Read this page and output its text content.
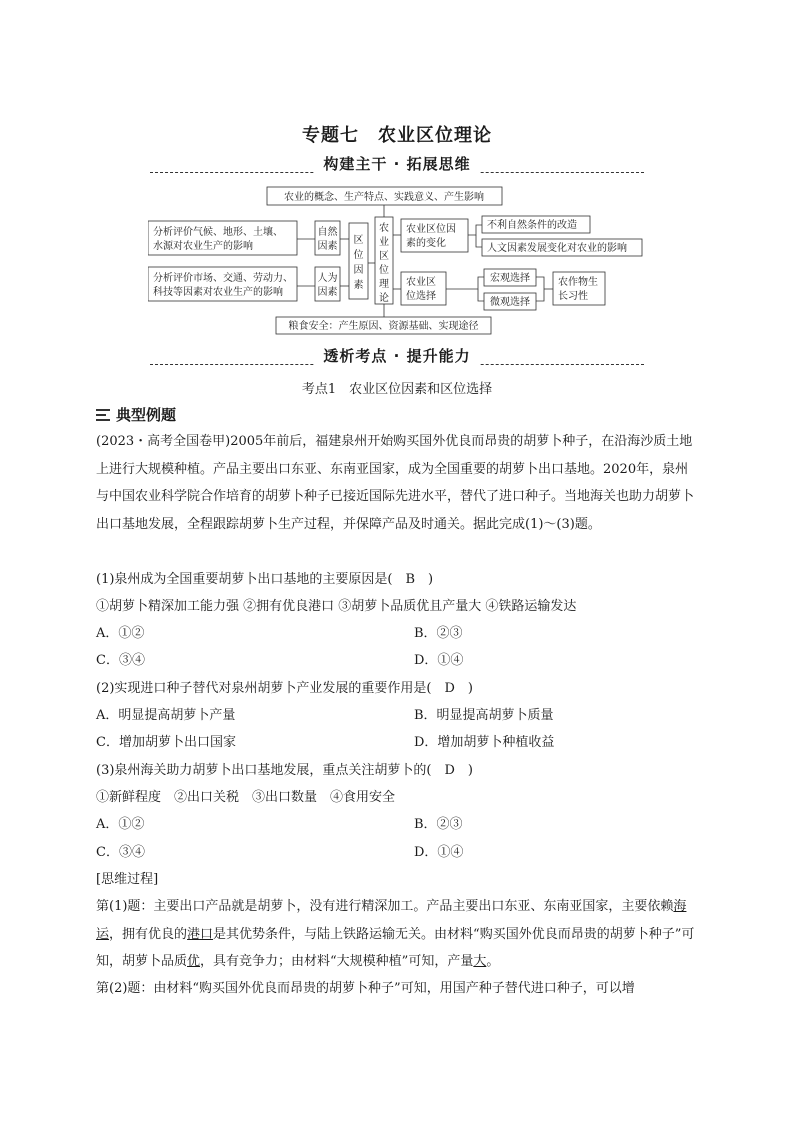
专题七　农业区位理论
构建主干 · 拓展思维
农业的概念、生产特点、实践意义、产生影响
分析评价气候、地形、土壤、
水源对农业生产的影响
分析评价市场、交通、劳动力、
科技等因素对农业生产的影响
自然
因素
人为
因素
区
位
因
素
农
业
区
位
理
论
农业区位因
素的变化
农业区
位选择
不利自然条件的改造
人文因素发展变化对农业的影响
宏观选择
微观选择
农作物生
长习性
粮食安全：产生原因、资源基础、实现途径
透析考点 · 提升能力
考点1　农业区位因素和区位选择
典型例题
(2023・高考全国卷甲)2005年前后，福建泉州开始购买国外优良而昂贵的胡萝卜种子，在沿海沙质土地上进行大规模种植。产品主要出口东亚、东南亚国家，成为全国重要的胡萝卜出口基地。2020年，泉州与中国农业科学院合作培育的胡萝卜种子已接近国际先进水平，替代了进口种子。当地海关也助力胡萝卜出口基地发展，全程跟踪胡萝卜生产过程，并保障产品及时通关。据此完成(1)～(3)题。
(1)泉州成为全国重要胡萝卜出口基地的主要原因是(　B　)
①胡萝卜精深加工能力强 ②拥有优良港口 ③胡萝卜品质优且产量大 ④铁路运输发达
A．①②	B．②③
C．③④	D．①④
(2)实现进口种子替代对泉州胡萝卜产业发展的重要作用是(　D　)
A．明显提高胡萝卜产量	B．明显提高胡萝卜质量
C．增加胡萝卜出口国家	D．增加胡萝卜种植收益
(3)泉州海关助力胡萝卜出口基地发展，重点关注胡萝卜的(　D　)
①新鲜程度　②出口关税　③出口数量　④食用安全
A．①②	B．②③
C．③④	D．①④
[思维过程]
第(1)题：主要出口产品就是胡萝卜，没有进行精深加工。产品主要出口东亚、东南亚国家，主要依赖海运，拥有优良的港口是其优势条件，与陆上铁路运输无关。由材料“购买国外优良而昂贵的胡萝卜种子”可知，胡萝卜品质优，具有竞争力；由材料“大规模种植”可知，产量大。
第(2)题：由材料“购买国外优良而昂贵的胡萝卜种子”可知，用国产种子替代进口种子，可以增
